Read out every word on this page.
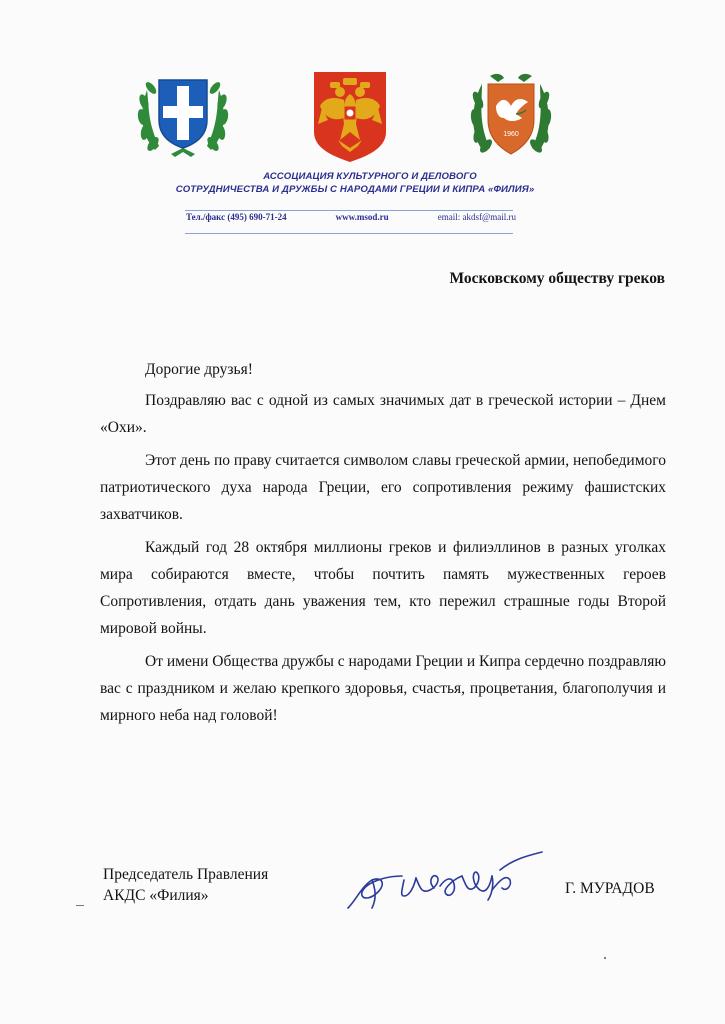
1960
АССОЦИАЦИЯ КУЛЬТУРНОГО И ДЕЛОВОГО
СОТРУДНИЧЕСТВА И ДРУЖБЫ С НАРОДАМИ ГРЕЦИИ И КИПРА «ФИЛИЯ»
Тел./факс (495) 690-71-24	www.msod.ru	email: akdsf@mail.ru
Московскому обществу греков

Дорогие друзья!

Поздравляю вас с одной из самых значимых дат в греческой истории – Днем «Охи».

Этот день по праву считается символом славы греческой армии, непобедимого патриотического духа народа Греции, его сопротивления режиму фашистских захватчиков.

Каждый год 28 октября миллионы греков и филиэллинов в разных уголках мира собираются вместе, чтобы почтить память мужественных героев Сопротивления, отдать дань уважения тем, кто пережил страшные годы Второй мировой войны.

От имени Общества дружбы с народами Греции и Кипра сердечно поздравляю вас с праздником и желаю крепкого здоровья, счастья, процветания, благополучия и мирного неба над головой!

Председатель Правления
АКДС «Филия»	Г. МУРАДОВ
